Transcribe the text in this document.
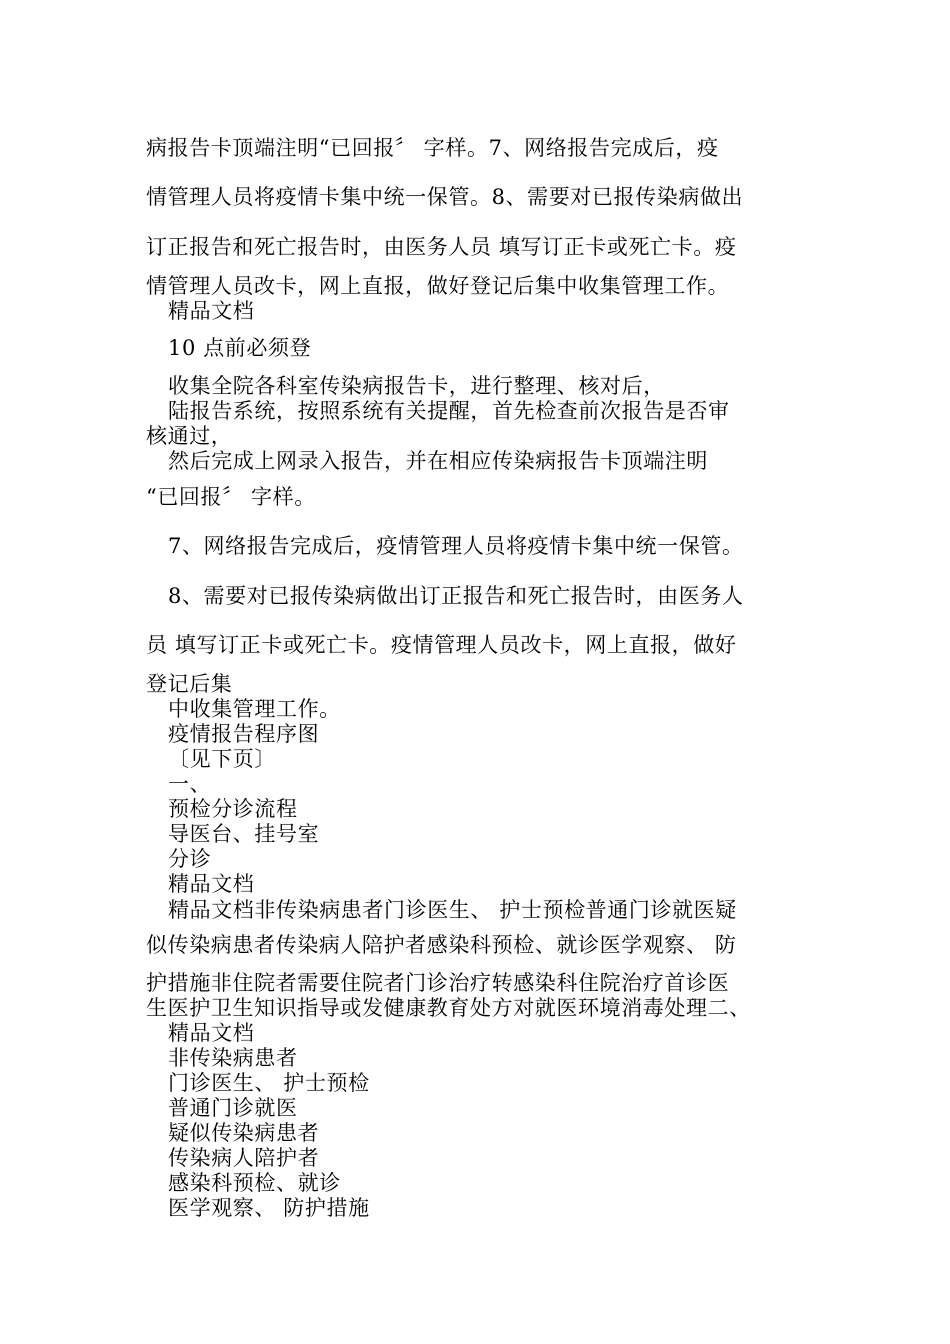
病报告卡顶端注明“已回报〞 字样。7、网络报告完成后，疫

情管理人员将疫情卡集中统一保管。8、需要对已报传染病做出

订正报告和死亡报告时，由医务人员 填写订正卡或死亡卡。疫

情管理人员改卡，网上直报，做好登记后集中收集管理工作。

精品文档

10 点前必须登

收集全院各科室传染病报告卡，进行整理、核对后，

陆报告系统，按照系统有关提醒，首先检查前次报告是否审

核通过，

然后完成上网录入报告，并在相应传染病报告卡顶端注明

“已回报〞 字样。

7、网络报告完成后，疫情管理人员将疫情卡集中统一保管。

8、需要对已报传染病做出订正报告和死亡报告时，由医务人

员 填写订正卡或死亡卡。疫情管理人员改卡，网上直报，做好

登记后集

中收集管理工作。

疫情报告程序图

〔见下页〕

一、

预检分诊流程

导医台、挂号室

分诊

精品文档

精品文档非传染病患者门诊医生、 护士预检普通门诊就医疑

似传染病患者传染病人陪护者感染科预检、就诊医学观察、 防

护措施非住院者需要住院者门诊治疗转感染科住院治疗首诊医

生医护卫生知识指导或发健康教育处方对就医环境消毒处理二、

精品文档

非传染病患者

门诊医生、 护士预检

普通门诊就医

疑似传染病患者

传染病人陪护者

感染科预检、就诊

医学观察、 防护措施
